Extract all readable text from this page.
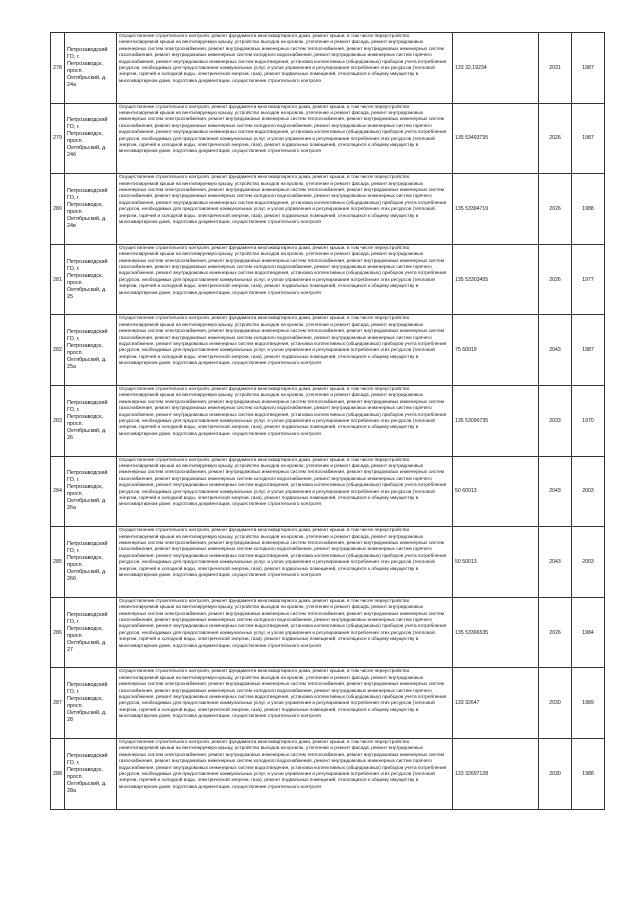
278	Петрозаводский ГО, г. Петрозаводск, просп. Октябрьский, д. 24а	Осуществление строительного контроля, ремонт фундамента многоквартирного дома, ремонт крыши, в том числе переустройство невентилируемой крыши на вентилируемую крышу, устройство выходов на кровлю, утепление и ремонт фасада, ремонт внутридомовых инженерных систем электроснабжения, ремонт внутридомовых инженерных систем теплоснабжения, ремонт внутридомовых инженерных систем газоснабжения, ремонт внутридомовых инженерных систем холодного водоснабжения, ремонт внутридомовых инженерных систем горячего водоснабжения, ремонт внутридомовых инженерных систем водоотведения, установка коллективных (общедомовых) приборов учета потребления ресурсов, необходимых для предоставления коммунальных услуг, и узлов управления и регулирования потребления этих ресурсов (тепловой энергии, горячей и холодной воды, электрической энергии, газа), ремонт подвальных помещений, относящихся к общему имуществу в многоквартирном доме, подготовка документации, осуществление строительного контроля	133 32,19234	2031	1987
279	Петрозаводский ГО, г. Петрозаводск, просп. Октябрьский, д. 24б	Осуществление строительного контроля, ремонт фундамента многоквартирного дома, ремонт крыши, в том числе переустройство невентилируемой крыши на вентилируемую крышу, устройство выходов на кровлю, утепление и ремонт фасада, ремонт внутридомовых инженерных систем электроснабжения, ремонт внутридомовых инженерных систем теплоснабжения, ремонт внутридомовых инженерных систем газоснабжения, ремонт внутридомовых инженерных систем холодного водоснабжения, ремонт внутридомовых инженерных систем горячего водоснабжения, ремонт внутридомовых инженерных систем водоотведения, установка коллективных (общедомовых) приборов учета потребления ресурсов, необходимых для предоставления коммунальных услуг, и узлов управления и регулирования потребления этих ресурсов (тепловой энергии, горячей и холодной воды, электрической энергии, газа), ремонт подвальных помещений, относящихся к общему имуществу в многоквартирном доме, подготовка документации, осуществление строительного контроля	135 53493735	2026	1987
280	Петрозаводский ГО, г. Петрозаводск, просп. Октябрьский, д. 24в	Осуществление строительного контроля, ремонт фундамента многоквартирного дома, ремонт крыши, в том числе переустройство невентилируемой крыши на вентилируемую крышу, устройство выходов на кровлю, утепление и ремонт фасада, ремонт внутридомовых инженерных систем электроснабжения, ремонт внутридомовых инженерных систем теплоснабжения, ремонт внутридомовых инженерных систем газоснабжения, ремонт внутридомовых инженерных систем холодного водоснабжения, ремонт внутридомовых инженерных систем горячего водоснабжения, ремонт внутридомовых инженерных систем водоотведения, установка коллективных (общедомовых) приборов учета потребления ресурсов, необходимых для предоставления коммунальных услуг, и узлов управления и регулирования потребления этих ресурсов (тепловой энергии, горячей и холодной воды, электрической энергии, газа), ремонт подвальных помещений, относящихся к общему имуществу в многоквартирном доме, подготовка документации, осуществление строительного контроля	135 53394719	2026	1988
281	Петрозаводский ГО, г. Петрозаводск, просп. Октябрьский, д. 25	Осуществление строительного контроля, ремонт фундамента многоквартирного дома, ремонт крыши, в том числе переустройство невентилируемой крыши на вентилируемую крышу, устройство выходов на кровлю, утепление и ремонт фасада, ремонт внутридомовых инженерных систем электроснабжения, ремонт внутридомовых инженерных систем теплоснабжения, ремонт внутридомовых инженерных систем газоснабжения, ремонт внутридомовых инженерных систем холодного водоснабжения, ремонт внутридомовых инженерных систем горячего водоснабжения, ремонт внутридомовых инженерных систем водоотведения, установка коллективных (общедомовых) приборов учета потребления ресурсов, необходимых для предоставления коммунальных услуг, и узлов управления и регулирования потребления этих ресурсов (тепловой энергии, горячей и холодной воды, электрической энергии, газа), ремонт подвальных помещений, относящихся к общему имуществу в многоквартирном доме, подготовка документации, осуществление строительного контроля	135 53303455	2026	1977
282	Петрозаводский ГО, г. Петрозаводск, просп. Октябрьский, д. 25а	Осуществление строительного контроля, ремонт фундамента многоквартирного дома, ремонт крыши, в том числе переустройство невентилируемой крыши на вентилируемую крышу, устройство выходов на кровлю, утепление и ремонт фасада, ремонт внутридомовых инженерных систем электроснабжения, ремонт внутридомовых инженерных систем теплоснабжения, ремонт внутридомовых инженерных систем газоснабжения, ремонт внутридомовых инженерных систем холодного водоснабжения, ремонт внутридомовых инженерных систем горячего водоснабжения, ремонт внутридомовых инженерных систем водоотведения, установка коллективных (общедомовых) приборов учета потребления ресурсов, необходимых для предоставления коммунальных услуг, и узлов управления и регулирования потребления этих ресурсов (тепловой энергии, горячей и холодной воды, электрической энергии, газа), ремонт подвальных помещений, относящихся к общему имуществу в многоквартирном доме, подготовка документации, осуществление строительного контроля	75 60019	2043	1987
283	Петрозаводский ГО, г. Петрозаводск, просп. Октябрьский, д. 26	Осуществление строительного контроля, ремонт фундамента многоквартирного дома, ремонт крыши, в том числе переустройство невентилируемой крыши на вентилируемую крышу, устройство выходов на кровлю, утепление и ремонт фасада, ремонт внутридомовых инженерных систем электроснабжения, ремонт внутридомовых инженерных систем теплоснабжения, ремонт внутридомовых инженерных систем газоснабжения, ремонт внутридомовых инженерных систем холодного водоснабжения, ремонт внутридомовых инженерных систем горячего водоснабжения, ремонт внутридомовых инженерных систем водоотведения, установка коллективных (общедомовых) приборов учета потребления ресурсов, необходимых для предоставления коммунальных услуг, и узлов управления и регулирования потребления этих ресурсов (тепловой энергии, горячей и холодной воды, электрической энергии, газа), ремонт подвальных помещений, относящихся к общему имуществу в многоквартирном доме, подготовка документации, осуществление строительного контроля	135 53090735	2033	1970
284	Петрозаводский ГО, г. Петрозаводск, просп. Октябрьский, д. 26а	Осуществление строительного контроля, ремонт фундамента многоквартирного дома, ремонт крыши, в том числе переустройство невентилируемой крыши на вентилируемую крышу, устройство выходов на кровлю, утепление и ремонт фасада, ремонт внутридомовых инженерных систем электроснабжения, ремонт внутридомовых инженерных систем теплоснабжения, ремонт внутридомовых инженерных систем газоснабжения, ремонт внутридомовых инженерных систем холодного водоснабжения, ремонт внутридомовых инженерных систем горячего водоснабжения, ремонт внутридомовых инженерных систем водоотведения, установка коллективных (общедомовых) приборов учета потребления ресурсов, необходимых для предоставления коммунальных услуг, и узлов управления и регулирования потребления этих ресурсов (тепловой энергии, горячей и холодной воды, электрической энергии, газа), ремонт подвальных помещений, относящихся к общему имуществу в многоквартирном доме, подготовка документации, осуществление строительного контроля	50 60013	2043	2003
285	Петрозаводский ГО, г. Петрозаводск, просп. Октябрьский, д. 26б	Осуществление строительного контроля, ремонт фундамента многоквартирного дома, ремонт крыши, в том числе переустройство невентилируемой крыши на вентилируемую крышу, устройство выходов на кровлю, утепление и ремонт фасада, ремонт внутридомовых инженерных систем электроснабжения, ремонт внутридомовых инженерных систем теплоснабжения, ремонт внутридомовых инженерных систем газоснабжения, ремонт внутридомовых инженерных систем холодного водоснабжения, ремонт внутридомовых инженерных систем горячего водоснабжения, ремонт внутридомовых инженерных систем водоотведения, установка коллективных (общедомовых) приборов учета потребления ресурсов, необходимых для предоставления коммунальных услуг, и узлов управления и регулирования потребления этих ресурсов (тепловой энергии, горячей и холодной воды, электрической энергии, газа), ремонт подвальных помещений, относящихся к общему имуществу в многоквартирном доме, подготовка документации, осуществление строительного контроля	50 50013	2043	2003
286	Петрозаводский ГО, г. Петрозаводск, просп. Октябрьский, д. 27	Осуществление строительного контроля, ремонт фундамента многоквартирного дома, ремонт крыши, в том числе переустройство невентилируемой крыши на вентилируемую крышу, устройство выходов на кровлю, утепление и ремонт фасада, ремонт внутридомовых инженерных систем электроснабжения, ремонт внутридомовых инженерных систем теплоснабжения, ремонт внутридомовых инженерных систем газоснабжения, ремонт внутридомовых инженерных систем холодного водоснабжения, ремонт внутридомовых инженерных систем горячего водоснабжения, ремонт внутридомовых инженерных систем водоотведения, установка коллективных (общедомовых) приборов учета потребления ресурсов, необходимых для предоставления коммунальных услуг, и узлов управления и регулирования потребления этих ресурсов (тепловой энергии, горячей и холодной воды, электрической энергии, газа), ремонт подвальных помещений, относящихся к общему имуществу в многоквартирном доме, подготовка документации, осуществление строительного контроля	135 53396535	2026	1984
287	Петрозаводский ГО, г. Петрозаводск, просп. Октябрьский, д. 28	Осуществление строительного контроля, ремонт фундамента многоквартирного дома, ремонт крыши, в том числе переустройство невентилируемой крыши на вентилируемую крышу, устройство выходов на кровлю, утепление и ремонт фасада, ремонт внутридомовых инженерных систем электроснабжения, ремонт внутридомовых инженерных систем теплоснабжения, ремонт внутридомовых инженерных систем газоснабжения, ремонт внутридомовых инженерных систем холодного водоснабжения, ремонт внутридомовых инженерных систем горячего водоснабжения, ремонт внутридомовых инженерных систем водоотведения, установка коллективных (общедомовых) приборов учета потребления ресурсов, необходимых для предоставления коммунальных услуг, и узлов управления и регулирования потребления этих ресурсов (тепловой энергии, горячей и холодной воды, электрической энергии, газа), ремонт подвальных помещений, относящихся к общему имуществу в многоквартирном доме, подготовка документации, осуществление строительного контроля	133 32647	2030	1989
288	Петрозаводский ГО, г. Петрозаводск, просп. Октябрьский, д. 28а	Осуществление строительного контроля, ремонт фундамента многоквартирного дома, ремонт крыши, в том числе переустройство невентилируемой крыши на вентилируемую крышу, устройство выходов на кровлю, утепление и ремонт фасада, ремонт внутридомовых инженерных систем электроснабжения, ремонт внутридомовых инженерных систем теплоснабжения, ремонт внутридомовых инженерных систем газоснабжения, ремонт внутридомовых инженерных систем холодного водоснабжения, ремонт внутридомовых инженерных систем горячего водоснабжения, ремонт внутридомовых инженерных систем водоотведения, установка коллективных (общедомовых) приборов учета потребления ресурсов, необходимых для предоставления коммунальных услуг, и узлов управления и регулирования потребления этих ресурсов (тепловой энергии, горячей и холодной воды, электрической энергии, газа), ремонт подвальных помещений, относящихся к общему имуществу в многоквартирном доме, подготовка документации, осуществление строительного контроля	133 32697128	2030	1988
